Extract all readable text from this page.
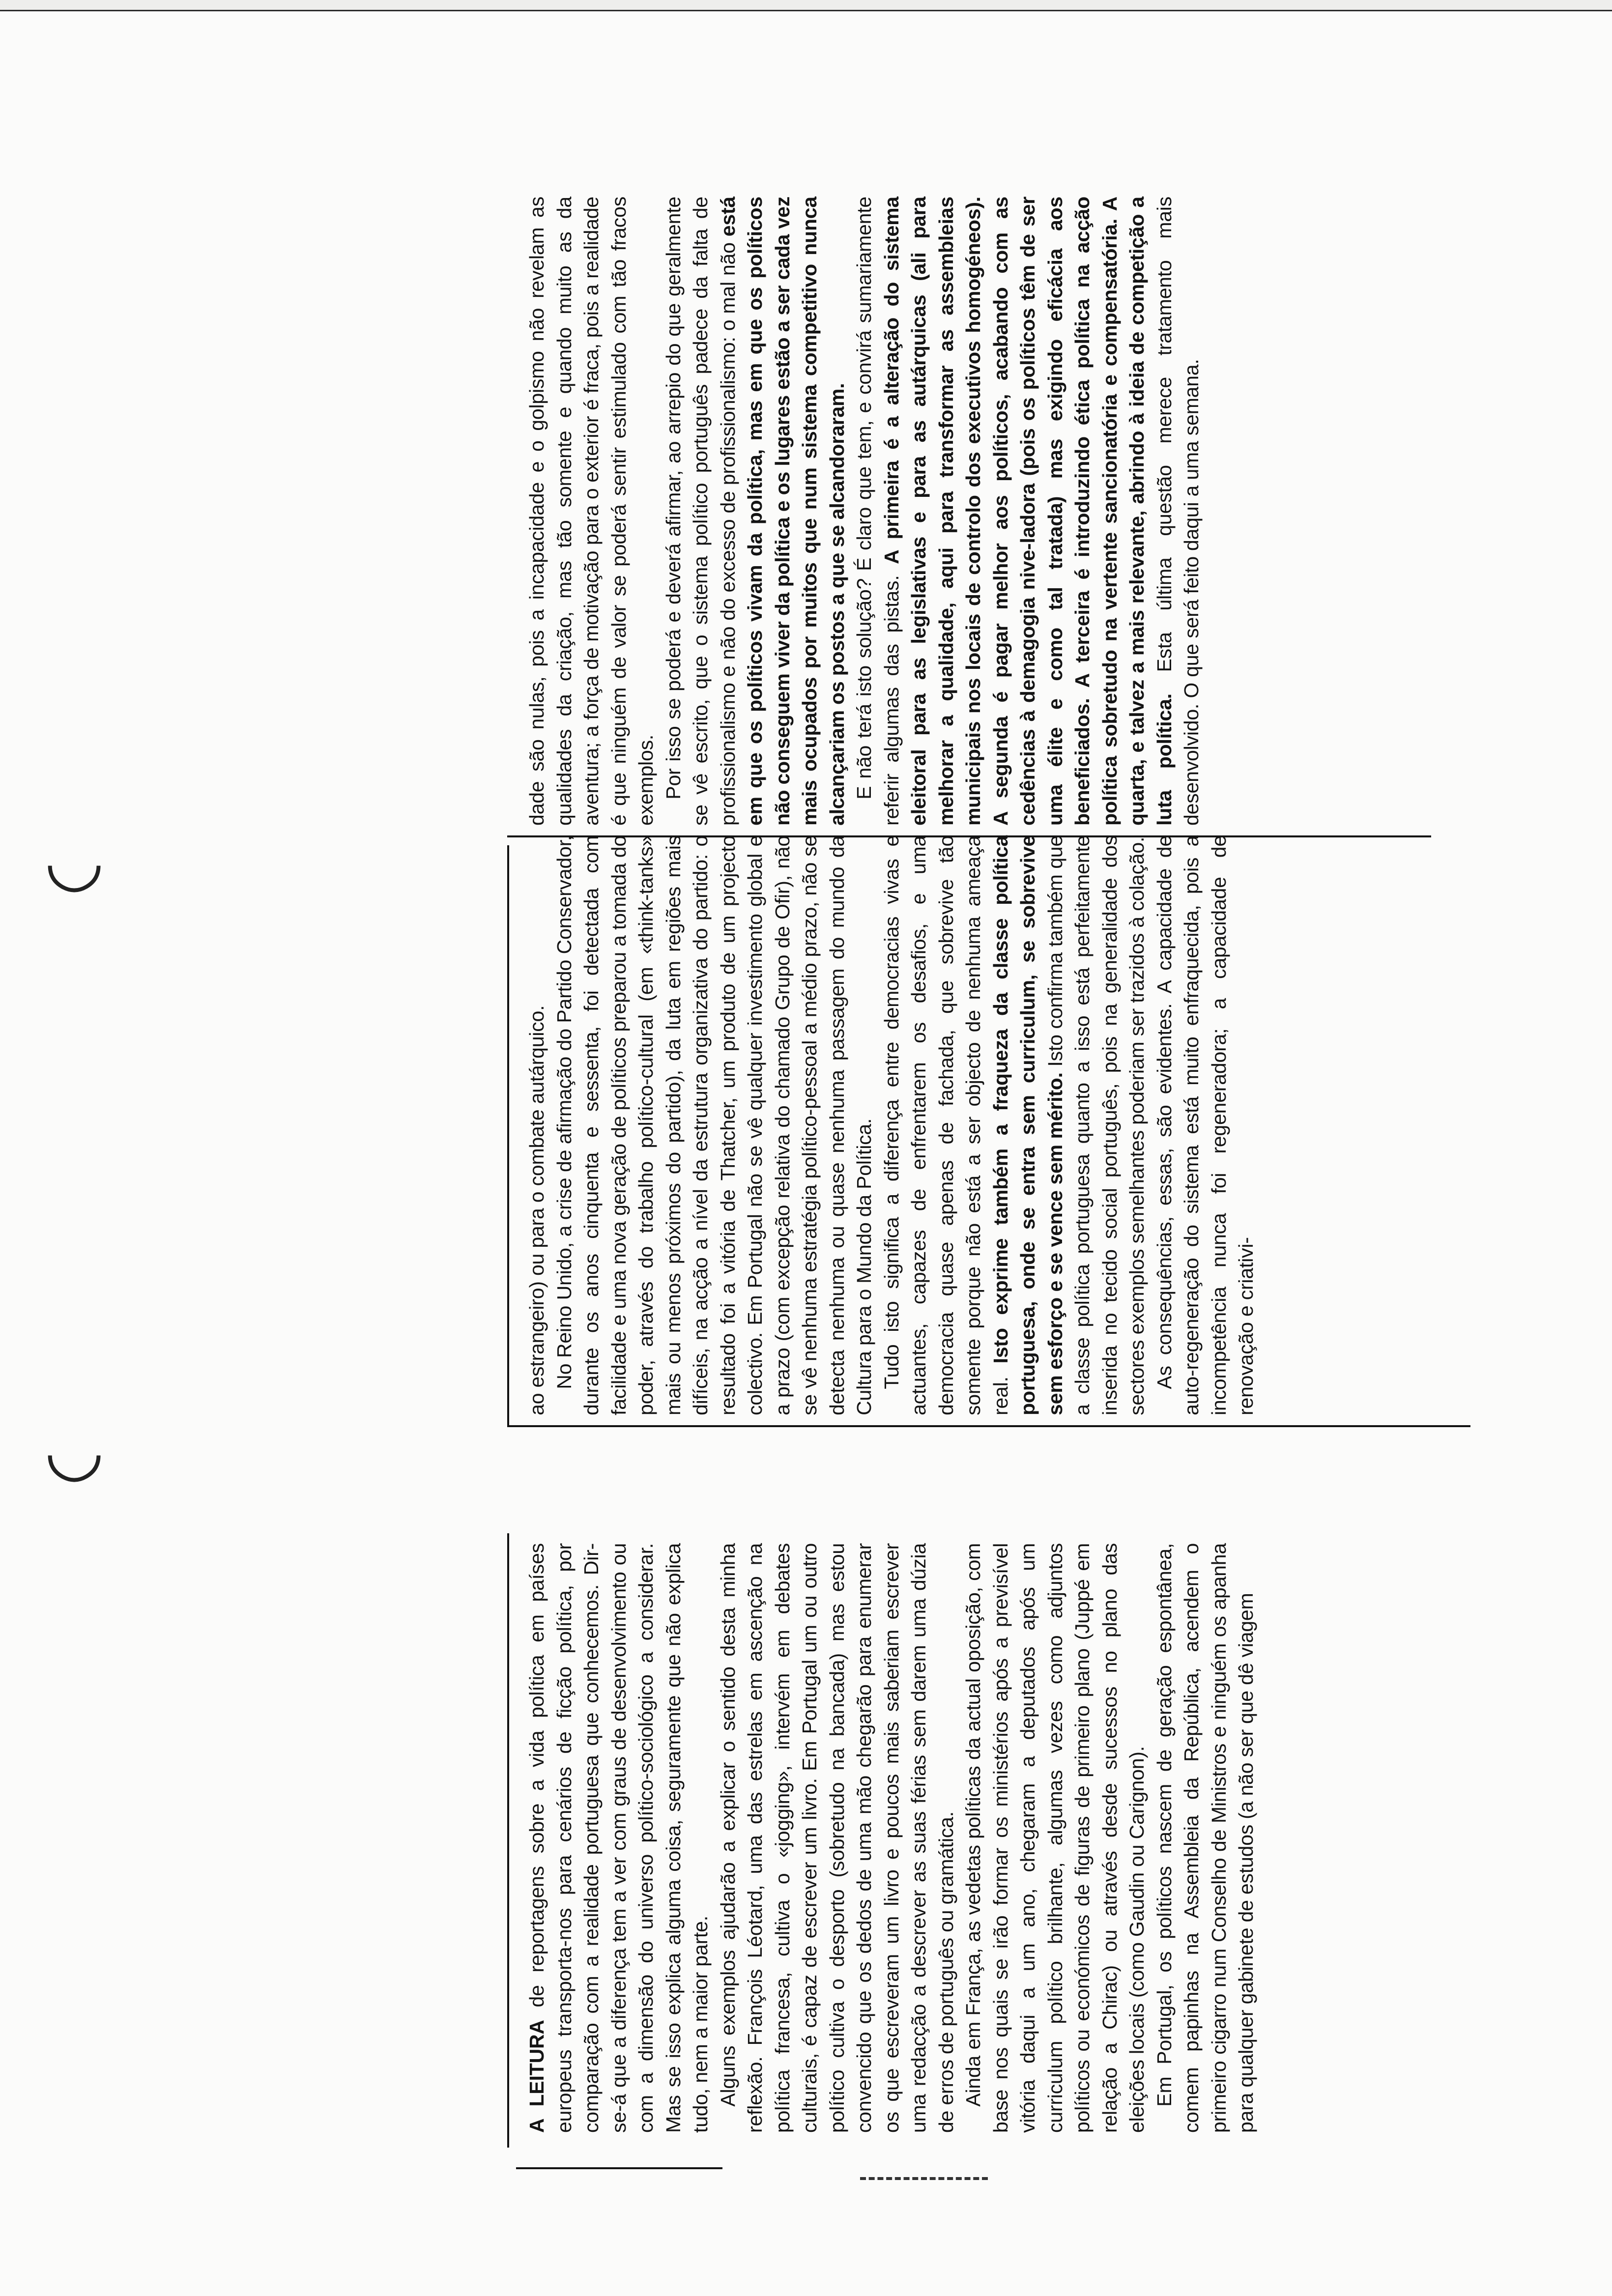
◡
◡

A LEITURA de reportagens sobre a vida política em países europeus transporta-nos para cenários de ficção política, por comparação com a realidade portuguesa que conhecemos. Dir-se-á que a diferença tem a ver com graus de desenvolvimento ou com a dimensão do universo político-sociológico a considerar. Mas se isso explica alguma coisa, seguramente que não explica tudo, nem a maior parte. Alguns exemplos ajudarão a explicar o sentido desta minha reflexão. François Léotard, uma das estrelas em ascenção na política francesa, cultiva o «jogging», intervém em debates culturais, é capaz de escrever um livro. Em Portugal um ou outro político cultiva o desporto (sobretudo na bancada) mas estou convencido que os dedos de uma mão chegarão para enumerar os que escreveram um livro e poucos mais saberiam escrever uma redacção a descrever as suas férias sem darem uma dúzia de erros de português ou gramática. Ainda em França, as vedetas políticas da actual oposição, com base nos quais se irão formar os ministérios após a previsível vitória daqui a um ano, chegaram a deputados após um curriculum político brilhante, algumas vezes como adjuntos políticos ou económicos de figuras de primeiro plano (Juppé em relação a Chirac) ou através desde sucessos no plano das eleições locais (como Gaudin ou Carignon). Em Portugal, os políticos nascem de geração espontânea, comem papinhas na Assembleia da República, acendem o primeiro cigarro num Conselho de Ministros e ninguém os apanha para qualquer gabinete de estudos (a não ser que dê viagem

ao estrangeiro) ou para o combate autárquico. No Reino Unido, a crise de afirmação do Partido Conservador, durante os anos cinquenta e sessenta, foi detectada com facilidade e uma nova geração de políticos preparou a tomada do poder, através do trabalho político-cultural (em «think-tanks» mais ou menos próximos do partido), da luta em regiões mais difíceis, na acção a nível da estrutura organizativa do partido: o resultado foi a vitória de Thatcher, um produto de um projecto colectivo. Em Portugal não se vê qualquer investimento global e a prazo (com excepção relativa do chamado Grupo de Ofir), não se vê nenhuma estratégia político-pessoal a médio prazo, não se detecta nenhuma ou quase nenhuma passagem do mundo da Cultura para o Mundo da Política. Tudo isto significa a diferença entre democracias vivas e actuantes, capazes de enfrentarem os desafios, e uma democracia quase apenas de fachada, que sobrevive tão somente porque não está a ser objecto de nenhuma ameaça real. Isto exprime também a fraqueza da classe política portuguesa, onde se entra sem curriculum, se sobrevive sem esforço e se vence sem mérito. Isto confirma também que a classe política portuguesa quanto a isso está perfeitamente inserida no tecido social português, pois na generalidade dos sectores exemplos semelhantes poderiam ser trazidos à colação. As consequências, essas, são evidentes. A capacidade de auto-regeneração do sistema está muito enfraquecida, pois a incompetência nunca foi regeneradora; a capacidade de renovação e criativi-

dade são nulas, pois a incapacidade e o golpismo não revelam as qualidades da criação, mas tão somente e quando muito as da aventura; a força de motivação para o exterior é fraca, pois a realidade é que ninguém de valor se poderá sentir estimulado com tão fracos exemplos. Por isso se poderá e deverá afirmar, ao arrepio do que geralmente se vê escrito, que o sistema político português padece da falta de profissionalismo e não do excesso de profissionalismo: o mal não está em que os políticos vivam da política, mas em que os políticos não conseguem viver da política e os lugares estão a ser cada vez mais ocupados por muitos que num sistema competitivo nunca alcançariam os postos a que se alcandoraram. E não terá isto solução? É claro que tem, e convirá sumariamente referir algumas das pistas. A primeira é a alteração do sistema eleitoral para as legislativas e para as autárquicas (ali para melhorar a qualidade, aqui para transformar as assembleias municipais nos locais de controlo dos executivos homogéneos). A segunda é pagar melhor aos políticos, acabando com as cedências à demagogia nive-ladora (pois os políticos têm de ser uma élite e como tal tratada) mas exigindo eficácia aos beneficiados. A terceira é introduzindo ética política na acção política sobretudo na vertente sancionatória e compensatória. A quarta, e talvez a mais relevante, abrindo à ideia de competição a luta política. Esta última questão merece tratamento mais desenvolvido. O que será feito daqui a uma semana.
